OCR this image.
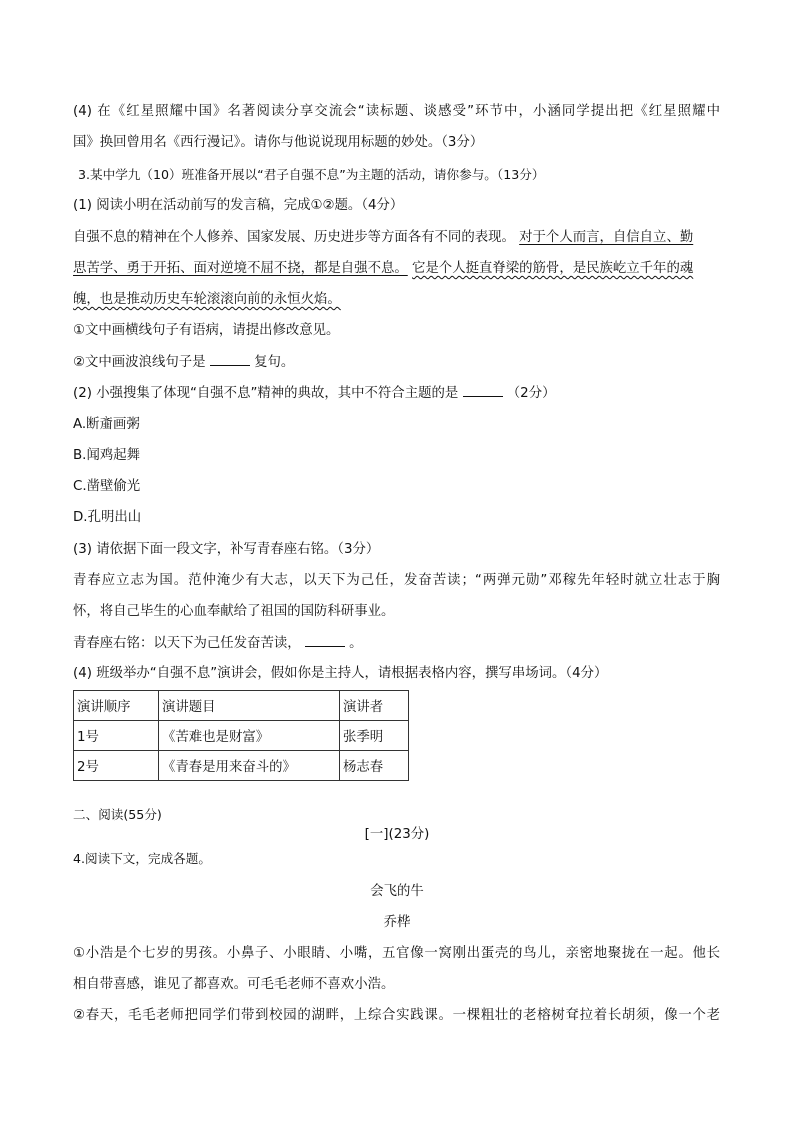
(4) 在《红星照耀中国》名著阅读分享交流会“读标题、谈感受”环节中，小涵同学提出把《红星照耀中
国》换回曾用名《西行漫记》。请你与他说说现用标题的妙处。（3分）
3.某中学九（10）班准备开展以“君子自强不息”为主题的活动，请你参与。（13分）
(1) 阅读小明在活动前写的发言稿，完成①②题。（4分）
自强不息的精神在个人修养、国家发展、历史进步等方面各有不同的表现。 对于个人而言，自信自立、勤
思苦学、勇于开拓、面对逆境不屈不挠，都是自强不息。 它是个人挺直脊梁的筋骨，是民族屹立千年的魂
魄，也是推动历史车轮滚滚向前的永恒火焰。
①文中画横线句子有语病，请提出修改意见。
②文中画波浪线句子是	复句。
(2) 小强搜集了体现“自强不息”精神的典故，其中不符合主题的是	（2分）
A.断齑画粥
B.闻鸡起舞
C.凿壁偷光
D.孔明出山
(3) 请依据下面一段文字，补写青春座右铭。（3分）
青春应立志为国。范仲淹少有大志，以天下为己任，发奋苦读；“两弹元勋”邓稼先年轻时就立壮志于胸
怀，将自己毕生的心血奉献给了祖国的国防科研事业。
青春座右铭：以天下为己任发奋苦读，	。
(4) 班级举办“自强不息”演讲会，假如你是主持人，请根据表格内容，撰写串场词。（4分）
演讲顺序	演讲题目	演讲者
1号	《苦难也是财富》	张季明
2号	《青春是用来奋斗的》	杨志春
二、阅读(55分)
[一](23分)
4.阅读下文，完成各题。
会飞的牛
乔桦
①小浩是个七岁的男孩。小鼻子、小眼睛、小嘴，五官像一窝刚出蛋壳的鸟儿，亲密地聚拢在一起。他长
相自带喜感，谁见了都喜欢。可毛毛老师不喜欢小浩。
②春天，毛毛老师把同学们带到校园的湖畔，上综合实践课。一棵粗壮的老榕树耷拉着长胡须，像一个老
